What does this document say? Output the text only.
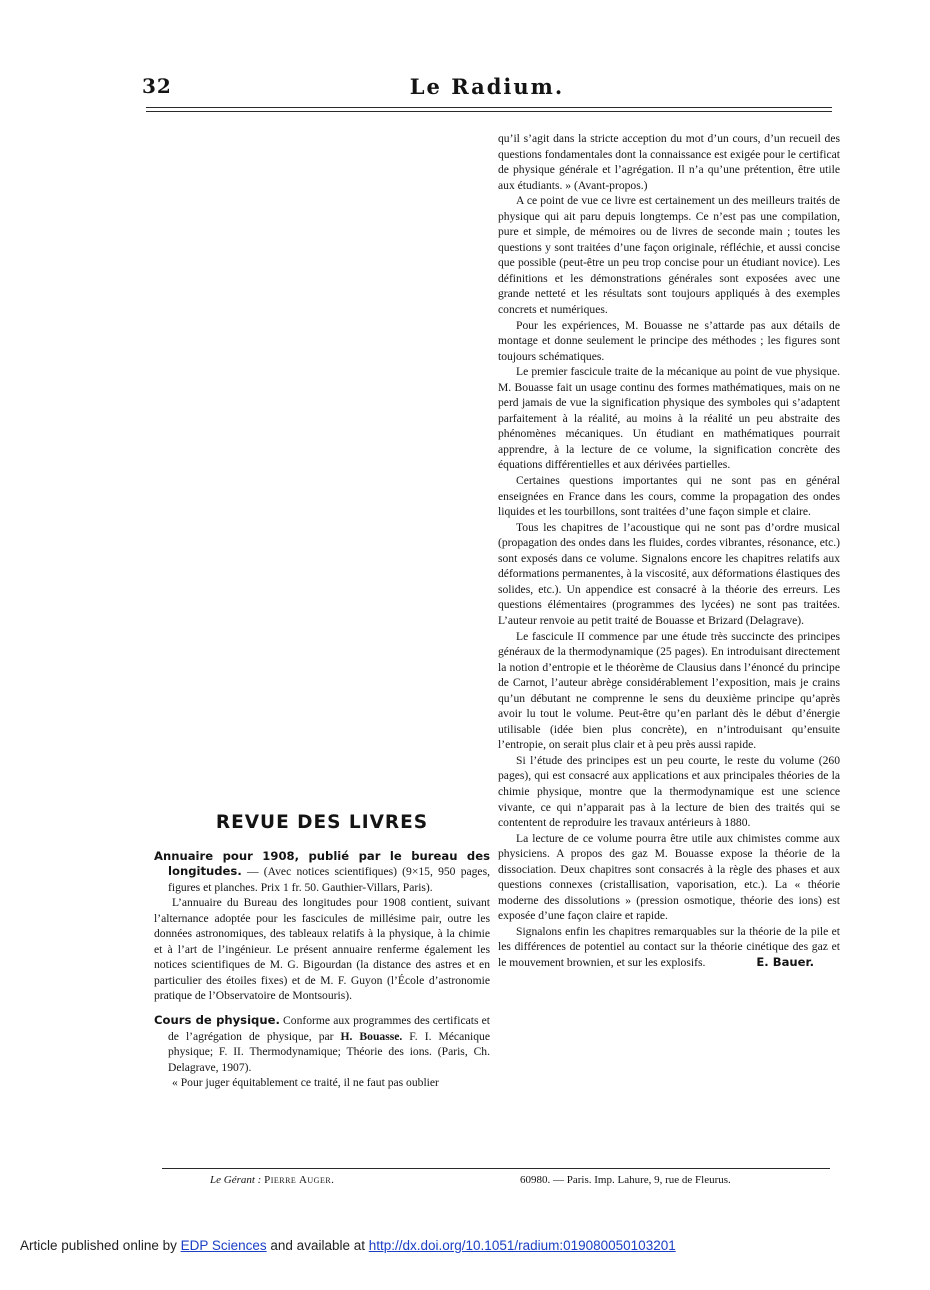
32	Le Radium.
REVUE DES LIVRES

Annuaire pour 1908, publié par le bureau des longitudes. — (Avec notices scientifiques) (9×15, 950 pages, figures et planches. Prix 1 fr. 50. Gauthier-Villars, Paris).

L’annuaire du Bureau des longitudes pour 1908 contient, suivant l’alternance adoptée pour les fascicules de millésime pair, outre les données astronomiques, des tableaux relatifs à la physique, à la chimie et à l’art de l’ingénieur. Le présent annuaire renferme également les notices scientifiques de M. G. Bigourdan (la distance des astres et en particulier des étoiles fixes) et de M. F. Guyon (l’École d’astronomie pratique de l’Observatoire de Montsouris).

Cours de physique. Conforme aux programmes des certificats et de l’agrégation de physique, par H. Bouasse. F. I. Mécanique physique; F. II. Thermodynamique; Théorie des ions. (Paris, Ch. Delagrave, 1907).

« Pour juger équitablement ce traité, il ne faut pas oublier

qu’il s’agit dans la stricte acception du mot d’un cours, d’un recueil des questions fondamentales dont la connaissance est exigée pour le certificat de physique générale et l’agrégation. Il n’a qu’une prétention, être utile aux étudiants. » (Avant-propos.)

A ce point de vue ce livre est certainement un des meilleurs traités de physique qui ait paru depuis longtemps. Ce n’est pas une compilation, pure et simple, de mémoires ou de livres de seconde main ; toutes les questions y sont traitées d’une façon originale, réfléchie, et aussi concise que possible (peut-être un peu trop concise pour un étudiant novice). Les définitions et les démonstrations générales sont exposées avec une grande netteté et les résultats sont toujours appliqués à des exemples concrets et numériques.

Pour les expériences, M. Bouasse ne s’attarde pas aux détails de montage et donne seulement le principe des méthodes ; les figures sont toujours schématiques.

Le premier fascicule traite de la mécanique au point de vue physique. M. Bouasse fait un usage continu des formes mathématiques, mais on ne perd jamais de vue la signification physique des symboles qui s’adaptent parfaitement à la réalité, au moins à la réalité un peu abstraite des phénomènes mécaniques. Un étudiant en mathématiques pourrait apprendre, à la lecture de ce volume, la signification concrète des équations différentielles et aux dérivées partielles.

Certaines questions importantes qui ne sont pas en général enseignées en France dans les cours, comme la propagation des ondes liquides et les tourbillons, sont traitées d’une façon simple et claire.

Tous les chapitres de l’acoustique qui ne sont pas d’ordre musical (propagation des ondes dans les fluides, cordes vibrantes, résonance, etc.) sont exposés dans ce volume. Signalons encore les chapitres relatifs aux déformations permanentes, à la viscosité, aux déformations élastiques des solides, etc.). Un appendice est consacré à la théorie des erreurs. Les questions élémentaires (programmes des lycées) ne sont pas traitées. L’auteur renvoie au petit traité de Bouasse et Brizard (Delagrave).

Le fascicule II commence par une étude très succincte des principes généraux de la thermodynamique (25 pages). En introduisant directement la notion d’entropie et le théorème de Clausius dans l’énoncé du principe de Carnot, l’auteur abrège considérablement l’exposition, mais je crains qu’un débutant ne comprenne le sens du deuxième principe qu’après avoir lu tout le volume. Peut-être qu’en parlant dès le début d’énergie utilisable (idée bien plus concrète), en n’introduisant qu’ensuite l’entropie, on serait plus clair et à peu près aussi rapide.

Si l’étude des principes est un peu courte, le reste du volume (260 pages), qui est consacré aux applications et aux principales théories de la chimie physique, montre que la thermodynamique est une science vivante, ce qui n’apparait pas à la lecture de bien des traités qui se contentent de reproduire les travaux antérieurs à 1880.

La lecture de ce volume pourra être utile aux chimistes comme aux physiciens. A propos des gaz M. Bouasse expose la théorie de la dissociation. Deux chapitres sont consacrés à la règle des phases et aux questions connexes (cristallisation, vaporisation, etc.). La « théorie moderne des dissolutions » (pression osmotique, théorie des ions) est exposée d’une façon claire et rapide.

Signalons enfin les chapitres remarquables sur la théorie de la pile et les différences de potentiel au contact sur la théorie cinétique des gaz et le mouvement brownien, et sur les explosifs.	E. Bauer.

Le Gérant : Pierre Auger.	60980. — Paris. Imp. Lahure, 9, rue de Fleurus.
Article published online by EDP Sciences and available at http://dx.doi.org/10.1051/radium:019080050103201
